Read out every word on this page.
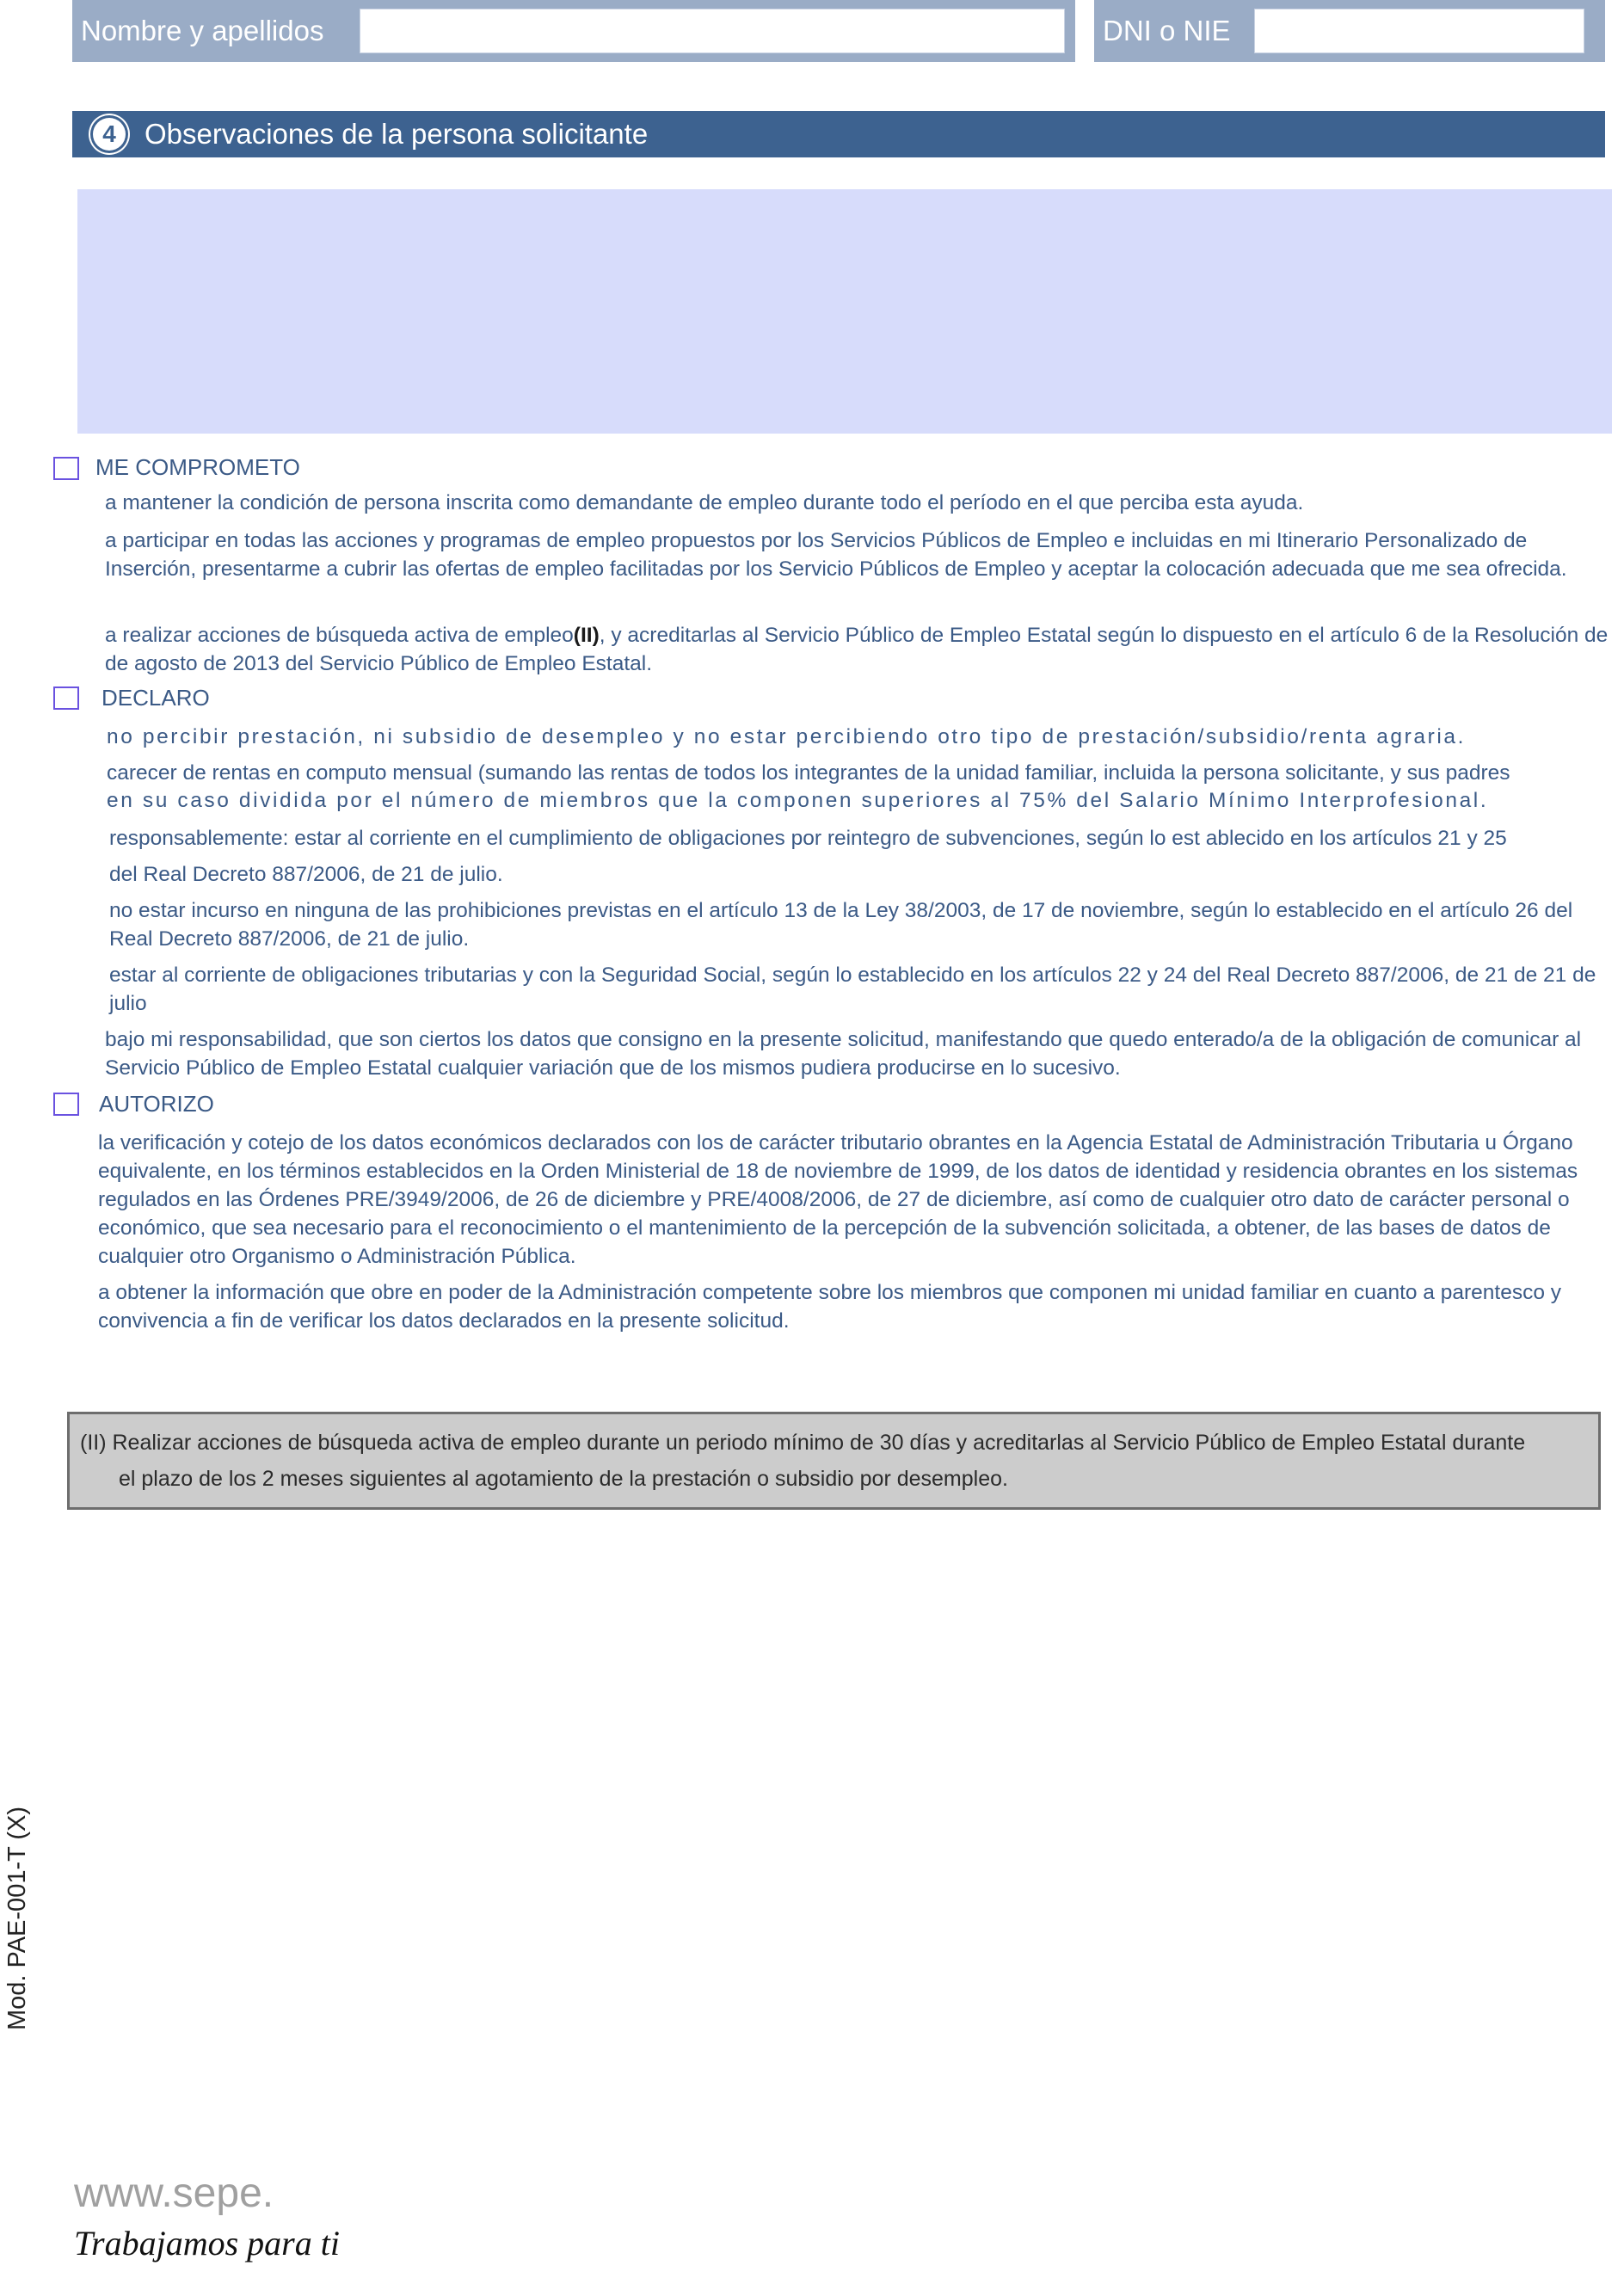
Nombre y apellidos	DNI o NIE
4	Observaciones de la persona solicitante
ME COMPROMETO
a mantener la condición de persona inscrita como demandante de empleo durante todo el período en el que perciba esta ayuda.
a participar en todas las acciones y programas de empleo propuestos por los Servicios Públicos de Empleo e incluidas en mi Itinerario Personalizado de Inserción, presentarme a cubrir las ofertas de empleo facilitadas por los Servicio Públicos de Empleo y aceptar la colocación adecuada que me sea ofrecida.
a realizar acciones de búsqueda activa de empleo(II), y acreditarlas al Servicio Público de Empleo Estatal según lo dispuesto en el artículo 6 de la Resolución de de agosto de 2013 del Servicio Público de Empleo Estatal.
DECLARO
no percibir prestación, ni subsidio de desempleo y no estar percibiendo otro tipo de prestación/subsidio/renta agraria.
carecer de rentas en computo mensual (sumando las rentas de todos los integrantes de la unidad familiar, incluida la persona solicitante, y sus padres
en su caso dividida por el número de miembros que la componen superiores al 75% del Salario Mínimo Interprofesional.
responsablemente: estar al corriente en el cumplimiento de obligaciones por reintegro de subvenciones, según lo est ablecido en los artículos 21 y 25
del Real Decreto 887/2006, de 21 de julio.
no estar incurso en ninguna de las prohibiciones previstas en el artículo 13 de la Ley 38/2003, de 17 de noviembre, según lo establecido en el artículo 26 del Real Decreto 887/2006, de 21 de julio.
estar al corriente de obligaciones tributarias y con la Seguridad Social, según lo establecido en los artículos 22 y 24 del Real Decreto 887/2006, de 21 de 21 de julio
bajo mi responsabilidad, que son ciertos los datos que consigno en la presente solicitud, manifestando que quedo enterado/a de la obligación de comunicar al Servicio Público de Empleo Estatal cualquier variación que de los mismos pudiera producirse en lo sucesivo.
AUTORIZO
la verificación y cotejo de los datos económicos declarados con los de carácter tributario obrantes en la Agencia Estatal de Administración Tributaria u Órgano equivalente, en los términos establecidos en la Orden Ministerial de 18 de noviembre de 1999, de los datos de identidad y residencia obrantes en los sistemas regulados en las Órdenes PRE/3949/2006, de 26 de diciembre y PRE/4008/2006, de 27 de diciembre, así como de cualquier otro dato de carácter personal o económico, que sea necesario para el reconocimiento o el mantenimiento de la percepción de la subvención solicitada, a obtener, de las bases de datos de cualquier otro Organismo o Administración Pública.
a obtener la información que obre en poder de la Administración competente sobre los miembros que componen mi unidad familiar en cuanto a parentesco y convivencia a fin de verificar los datos declarados en la presente solicitud.
(II) Realizar acciones de búsqueda activa de empleo durante un periodo mínimo de 30 días y acreditarlas al Servicio Público de Empleo Estatal durante
el plazo de los 2 meses siguientes al agotamiento de la prestación o subsidio por desempleo.
Mod. PAE-001-T (X)
www.sepe.
Trabajamos para ti
